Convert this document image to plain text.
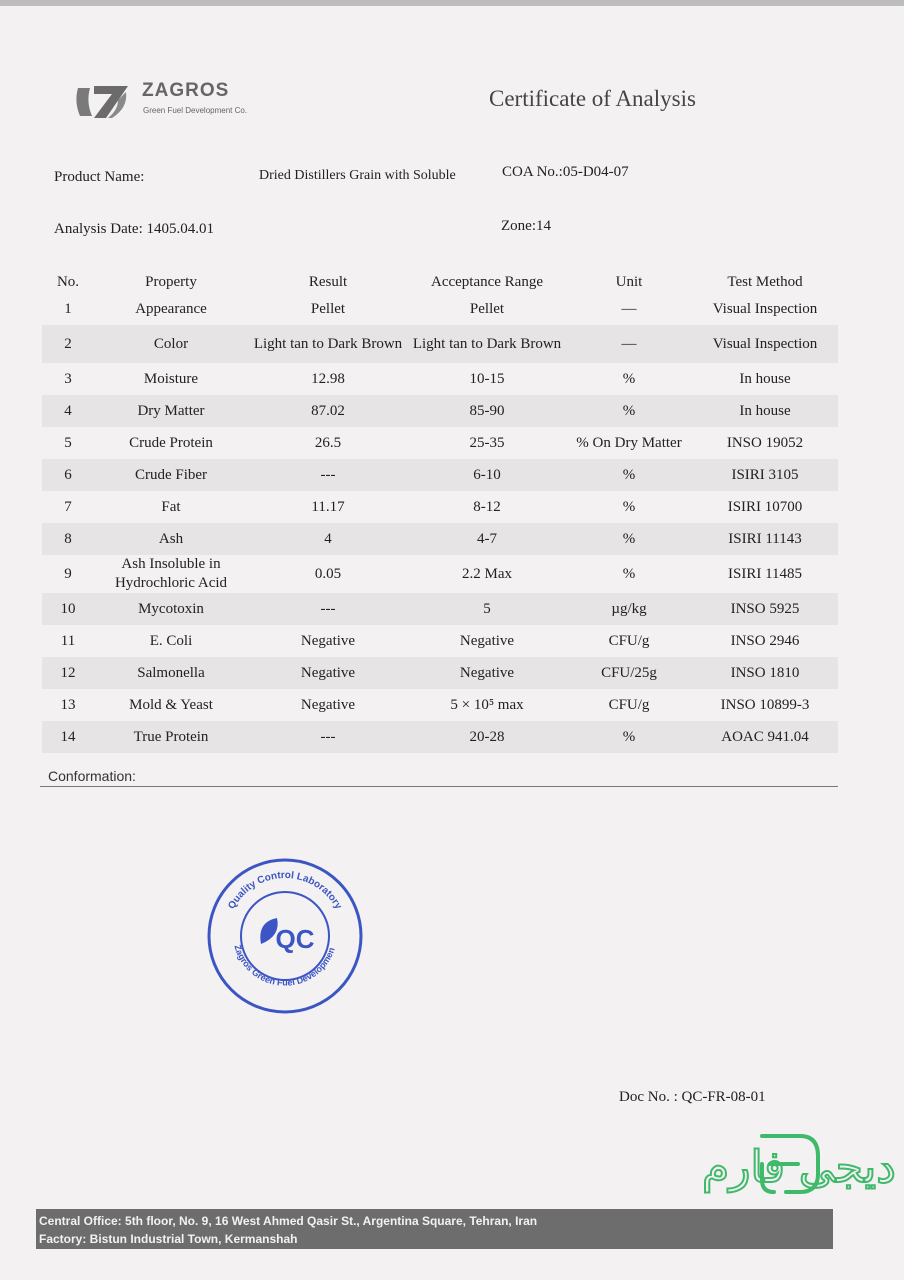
ZAGROS
Green Fuel Development Co.	Certificate of Analysis
Product Name:	Dried Distillers Grain with Soluble	COA No.:05-D04-07
Analysis Date: 1405.04.01	Zone:14
No.	Property	Result	Acceptance Range	Unit	Test Method
1	Appearance	Pellet	Pellet	—	Visual Inspection
2	Color	Light tan to Dark Brown	Light tan to Dark Brown	—	Visual Inspection
3	Moisture	12.98	10-15	%	In house
4	Dry Matter	87.02	85-90	%	In house
5	Crude Protein	26.5	25-35	% On Dry Matter	INSO 19052
6	Crude Fiber	---	6-10	%	ISIRI 3105
7	Fat	11.17	8-12	%	ISIRI 10700
8	Ash	4	4-7	%	ISIRI 11143
9	Ash Insoluble in Hydrochloric Acid	0.05	2.2 Max	%	ISIRI 11485
10	Mycotoxin	---	5	µg/kg	INSO 5925
11	E. Coli	Negative	Negative	CFU/g	INSO 2946
12	Salmonella	Negative	Negative	CFU/25g	INSO 1810
13	Mold & Yeast	Negative	5 × 10⁵ max	CFU/g	INSO 10899-3
14	True Protein	---	20-28	%	AOAC 941.04
Conformation:
Quality Control Laboratory
Zagros Green Fuel Developmen
QC
Doc No. : QC-FR-08-01
دیجی فارم
Central Office: 5th floor, No. 9, 16 West Ahmed Qasir St., Argentina Square, Tehran, Iran
Factory: Bistun Industrial Town, Kermanshah
